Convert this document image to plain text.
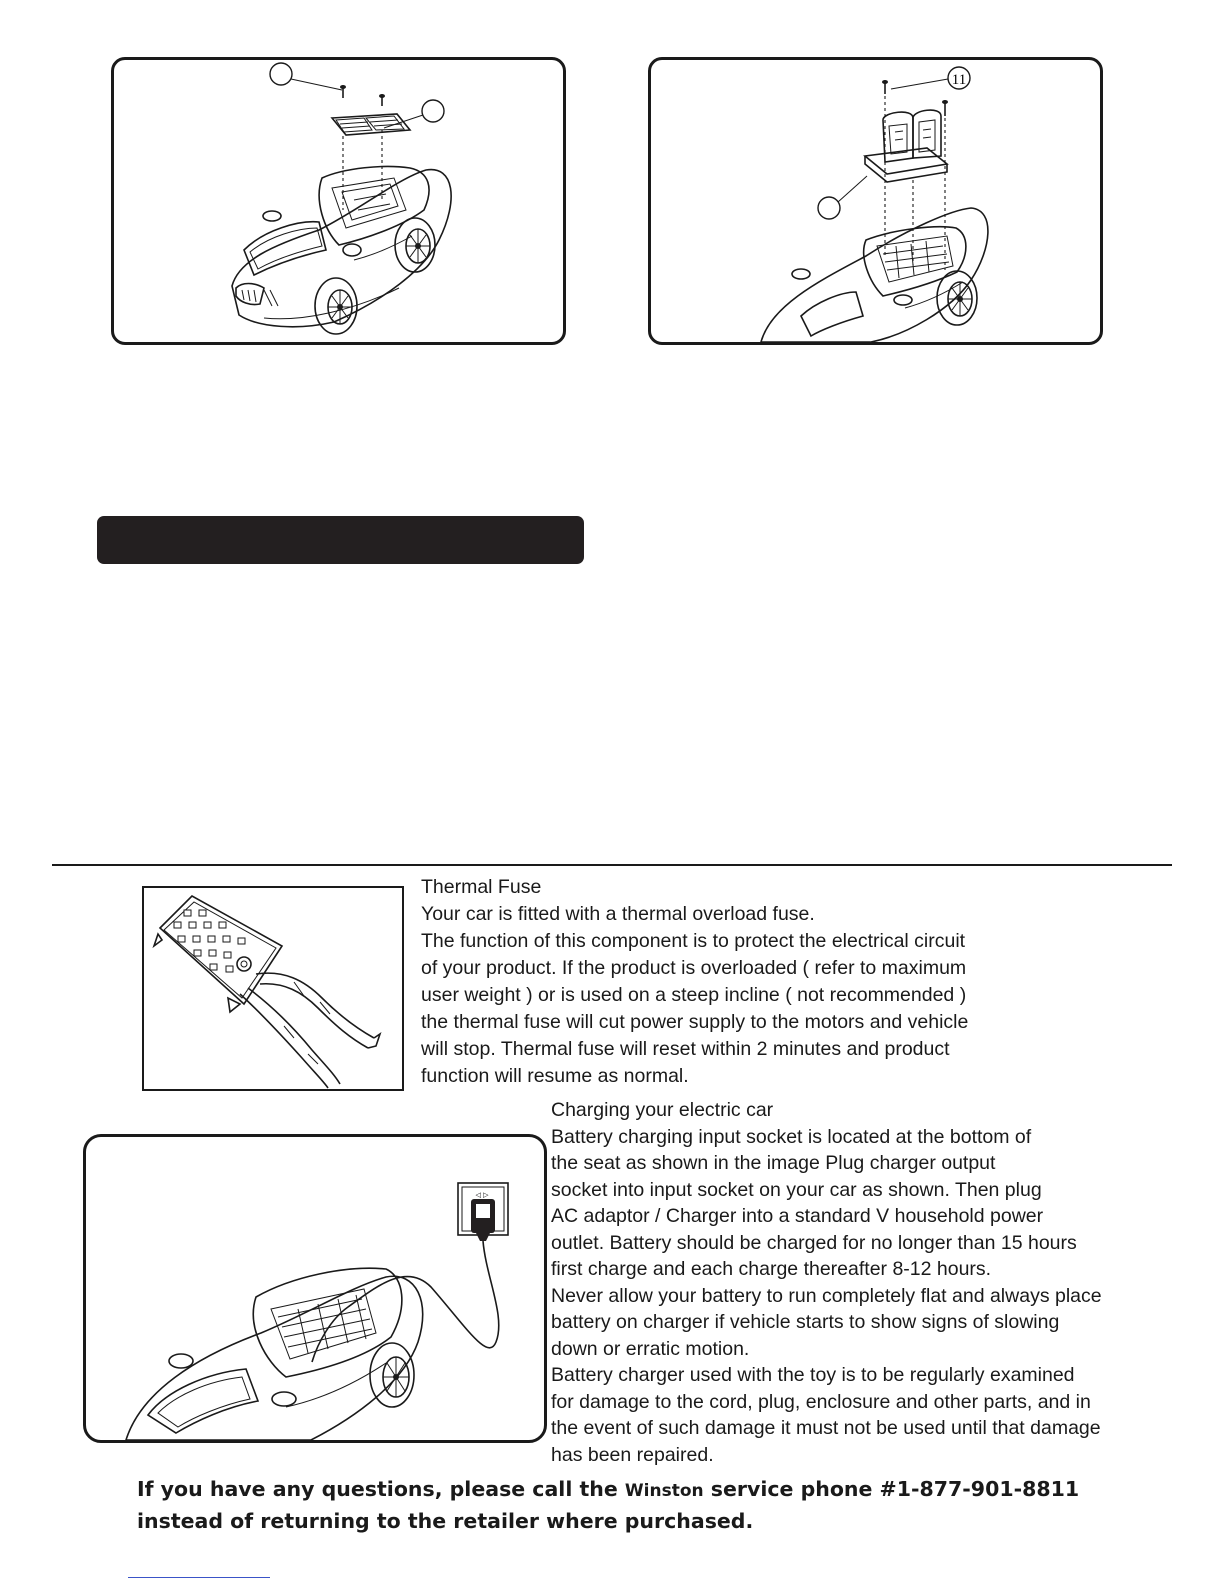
11
Thermal Fuse
Your car is fitted with a thermal overload fuse.
The function of this component is to protect the electrical circuit
of your product. If the product is overloaded ( refer to maximum
user weight ) or is used on a steep incline ( not recommended )
the thermal fuse will cut power supply to the motors and vehicle
will stop. Thermal fuse will reset within 2 minutes and product
function will resume as normal.
◁ ▷
Charging your electric car
Battery charging input socket is located at the bottom of
the seat as shown in the image Plug charger output
socket into input socket on your car as shown. Then plug
AC adaptor / Charger into a standard V household power
outlet. Battery should be charged for no longer than 15 hours
first charge and each charge thereafter 8-12 hours.
Never allow your battery to run completely flat and always place
battery on charger if vehicle starts to show signs of slowing
down or erratic motion.
Battery charger used with the toy is to be regularly examined
for damage to the cord, plug, enclosure and other parts, and in
the event of such damage it must not be used until that damage
has been repaired.
If you have any questions, please call the Winston service phone #1-877-901-8811
instead of returning to the retailer where purchased.
